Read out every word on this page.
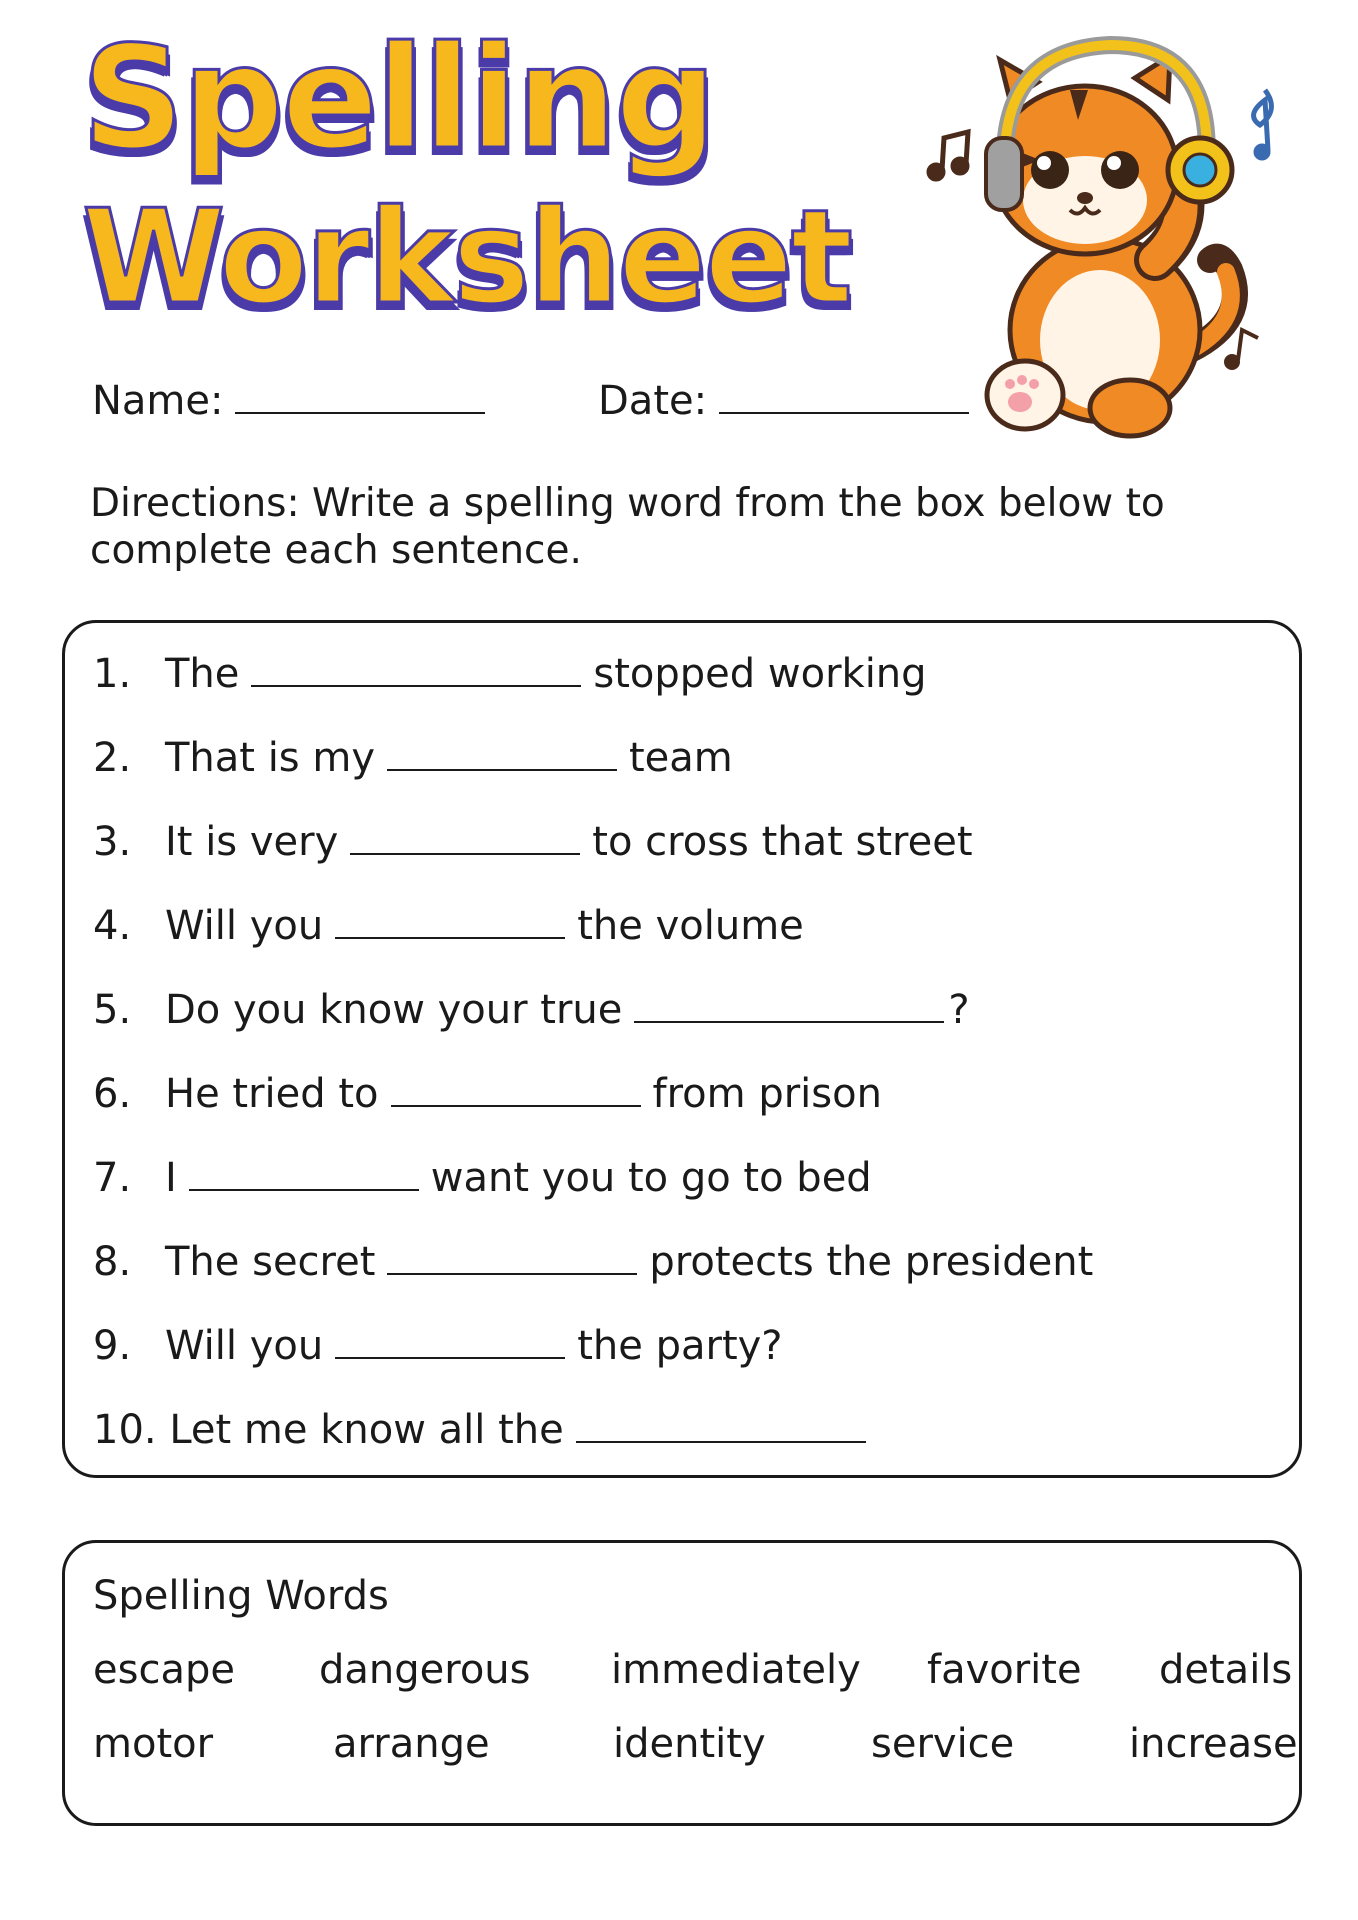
Spelling
Worksheet
Name:	Date:

Directions: Write a spelling word from the box below to complete each sentence.

1. The	stopped working
2. That is my	team
3. It is very	to cross that street
4. Will you	the volume
5. Do you know your true	?
6. He tried to	from prison
7. I	want you to go to bed
8. The secret	protects the president
9. Will you	the party?
10. Let me know all the
Spelling Words
escape dangerous immediately favorite details
motor	arrange	identity	service	increase
